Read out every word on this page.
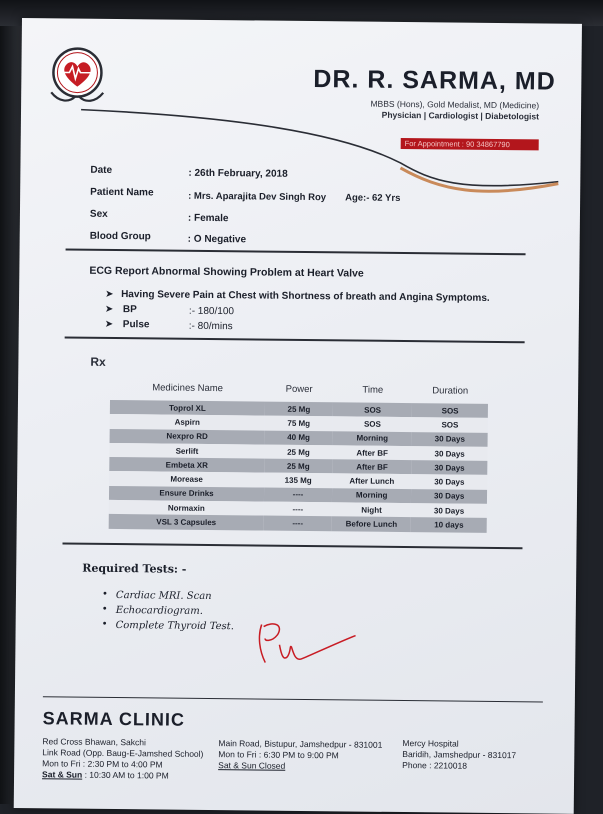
DR. R. SARMA, MD
MBBS (Hons), Gold Medalist, MD (Medicine)
Physician | Cardiologist | Diabetologist
For Appointment : 90 34867790
Date	: 26th February, 2018
Patient Name	: Mrs. Aparajita Dev Singh Roy Age:- 62 Yrs
Sex	: Female
Blood Group	: O Negative
ECG Report Abnormal Showing Problem at Heart Valve
➤ Having Severe Pain at Chest with Shortness of breath and Angina Symptoms.
➤ BP	:- 180/100
➤ Pulse	:- 80/mins
Rx
Medicines Name	Power	Time	Duration
Toprol XL	25 Mg	SOS	SOS
Aspirn	75 Mg	SOS	SOS
Nexpro RD	40 Mg	Morning	30 Days
Serlift	25 Mg	After BF	30 Days
Embeta XR	25 Mg	After BF	30 Days
Morease	135 Mg	After Lunch	30 Days
Ensure Drinks	----	Morning	30 Days
Normaxin	----	Night	30 Days
VSL 3 Capsules	----	Before Lunch	10 days
Required Tests: -
• Cardiac MRI. Scan
• Echocardiogram.
• Complete Thyroid Test.
SARMA CLINIC
Red Cross Bhawan, Sakchi
Link Road (Opp. Baug-E-Jamshed School)
Mon to Fri : 2:30 PM to 4:00 PM
Sat & Sun : 10:30 AM to 1:00 PM
Main Road, Bistupur, Jamshedpur - 831001
Mon to Fri : 6:30 PM to 9:00 PM
Sat & Sun Closed
Mercy Hospital
Baridih, Jamshedpur - 831017
Phone : 2210018
